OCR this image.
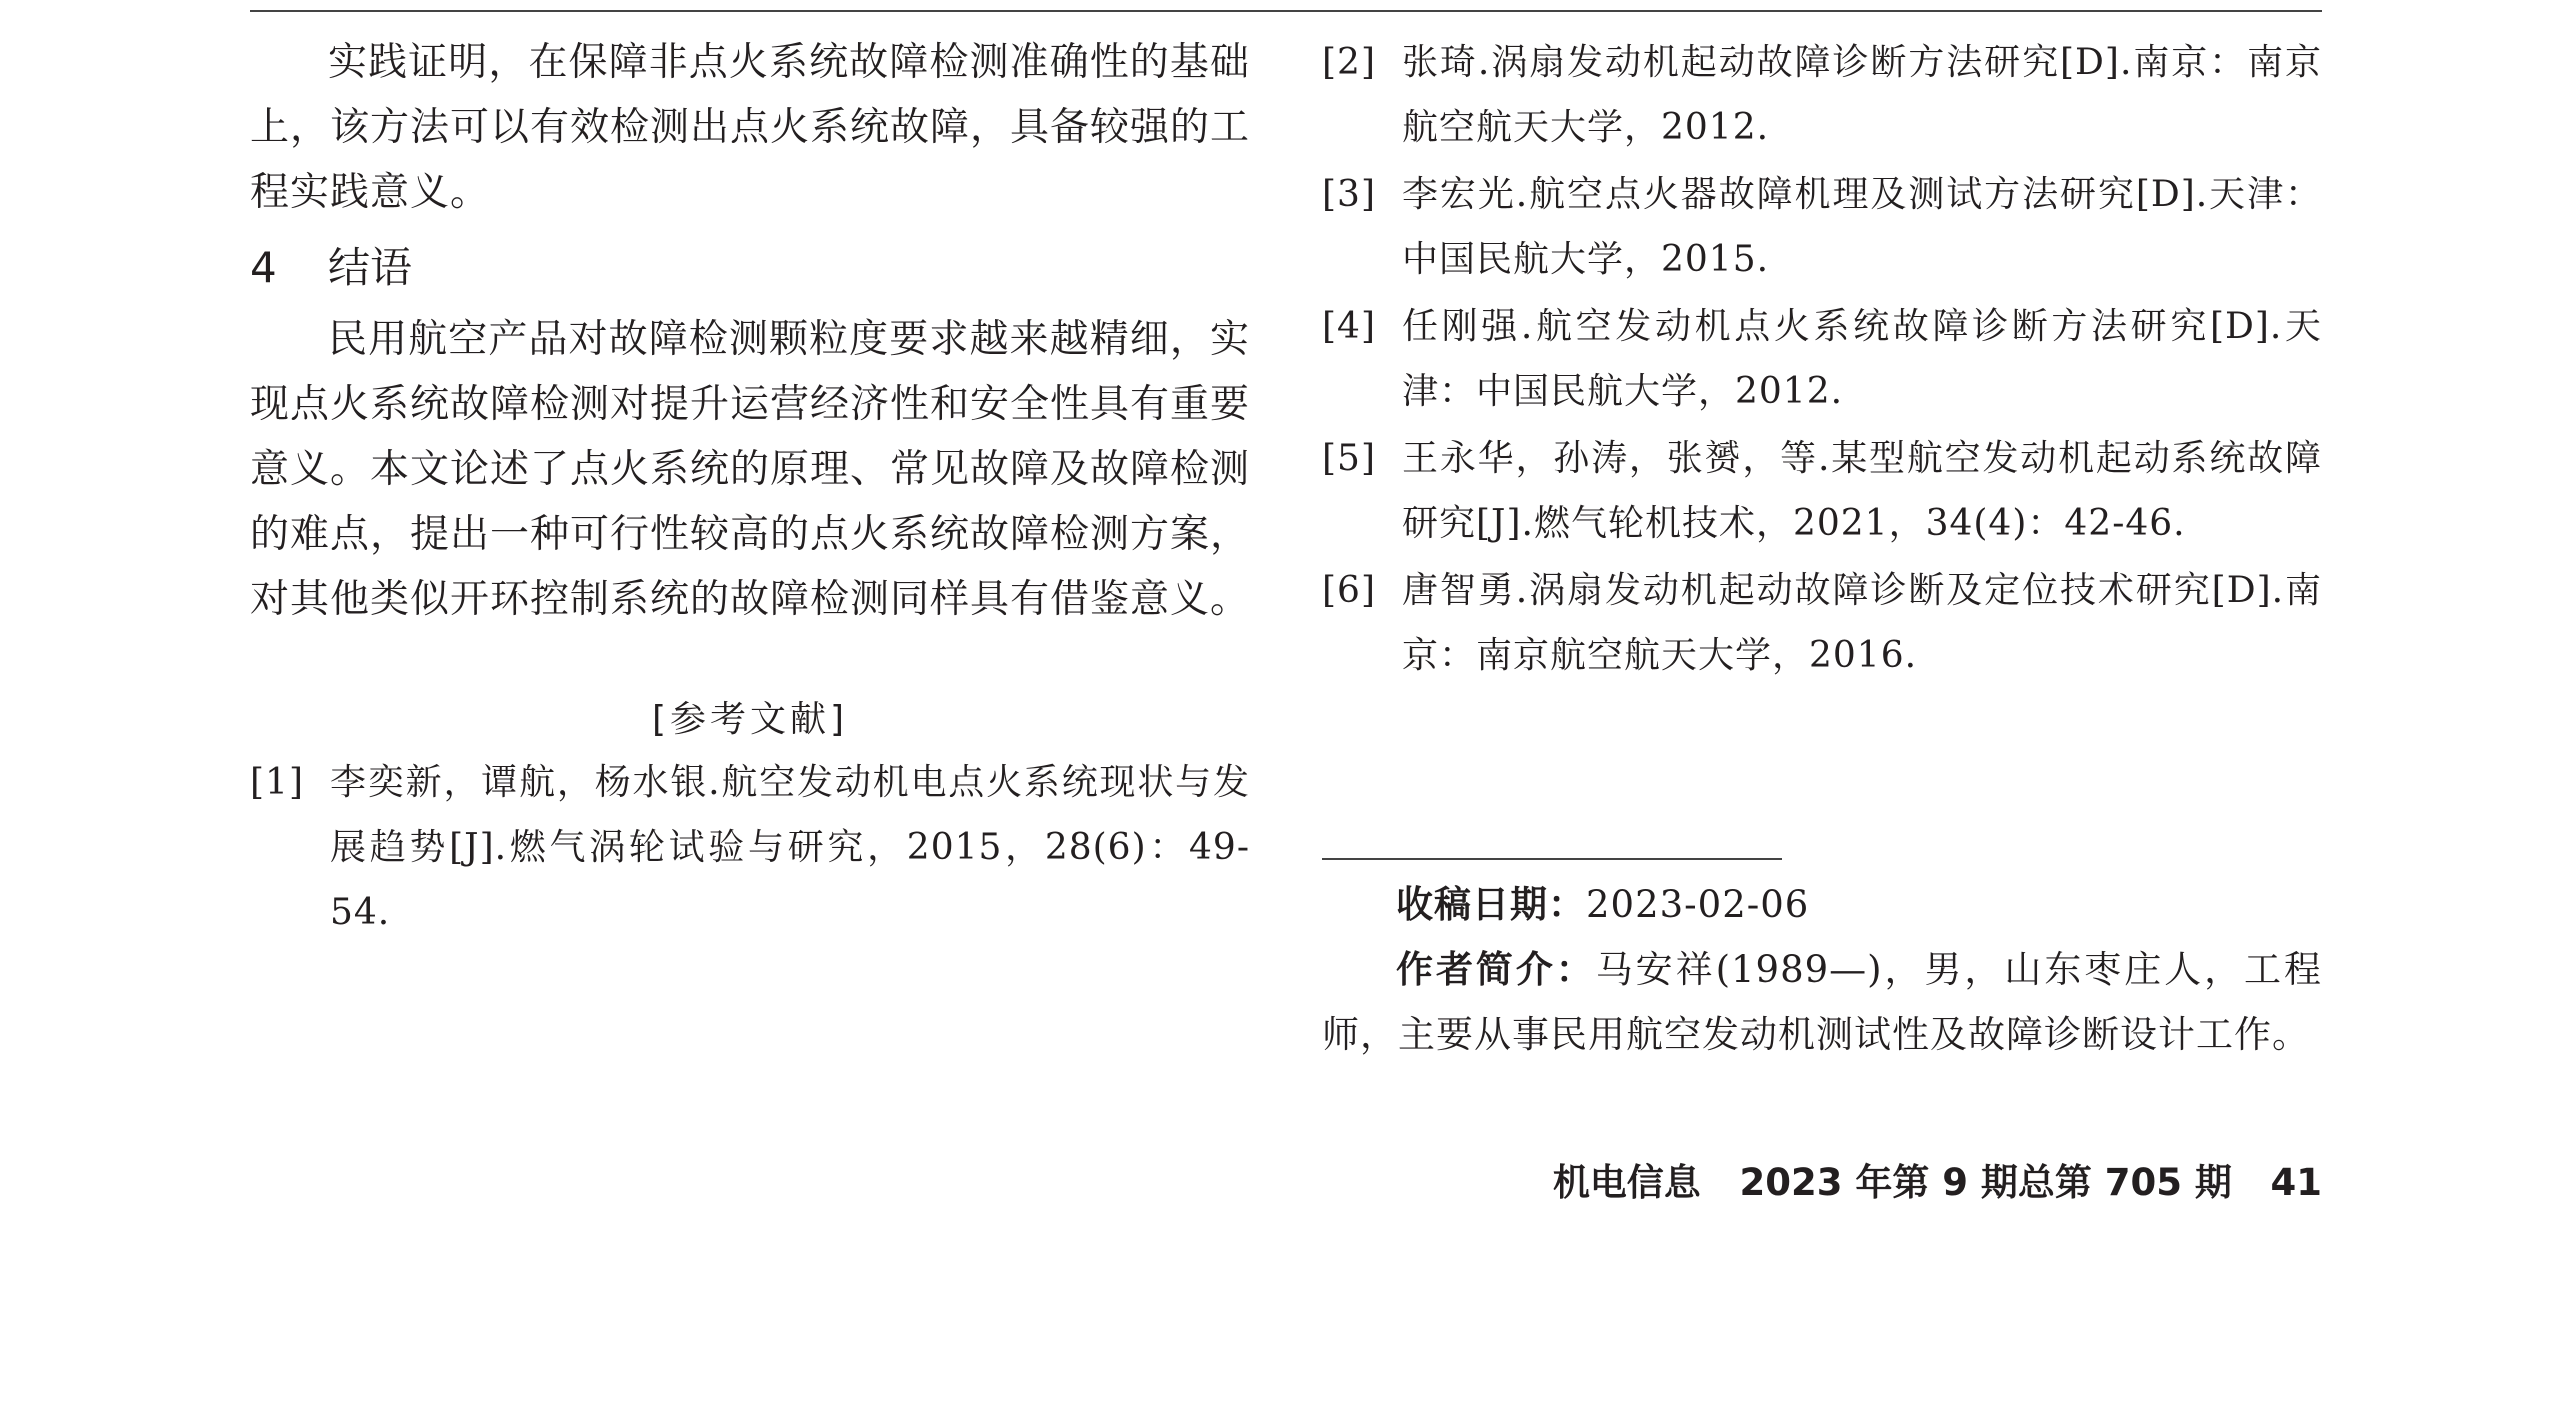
实践证明，在保障非点火系统故障检测准确性的基础上，该方法可以有效检测出点火系统故障，具备较强的工程实践意义。

4 结语

民用航空产品对故障检测颗粒度要求越来越精细，实现点火系统故障检测对提升运营经济性和安全性具有重要意义。本文论述了点火系统的原理、常见故障及故障检测的难点，提出一种可行性较高的点火系统故障检测方案，对其他类似开环控制系统的故障检测同样具有借鉴意义。

[参考文献]
[1] 李奕新，谭航，杨水银.航空发动机电点火系统现状与发展趋势[J].燃气涡轮试验与研究，2015，28(6)：49-54.
[2] 张琦.涡扇发动机起动故障诊断方法研究[D].南京：南京航空航天大学，2012.
[3] 李宏光.航空点火器故障机理及测试方法研究[D].天津：中国民航大学，2015.
[4] 任刚强.航空发动机点火系统故障诊断方法研究[D].天津：中国民航大学，2012.
[5] 王永华，孙涛，张赟，等.某型航空发动机起动系统故障研究[J].燃气轮机技术，2021，34(4)：42-46.
[6] 唐智勇.涡扇发动机起动故障诊断及定位技术研究[D].南京：南京航空航天大学，2016.

收稿日期：2023-02-06

作者简介：马安祥(1989—)，男，山东枣庄人，工程师，主要从事民用航空发动机测试性及故障诊断设计工作。

机电信息 2023 年第 9 期总第 705 期 41
